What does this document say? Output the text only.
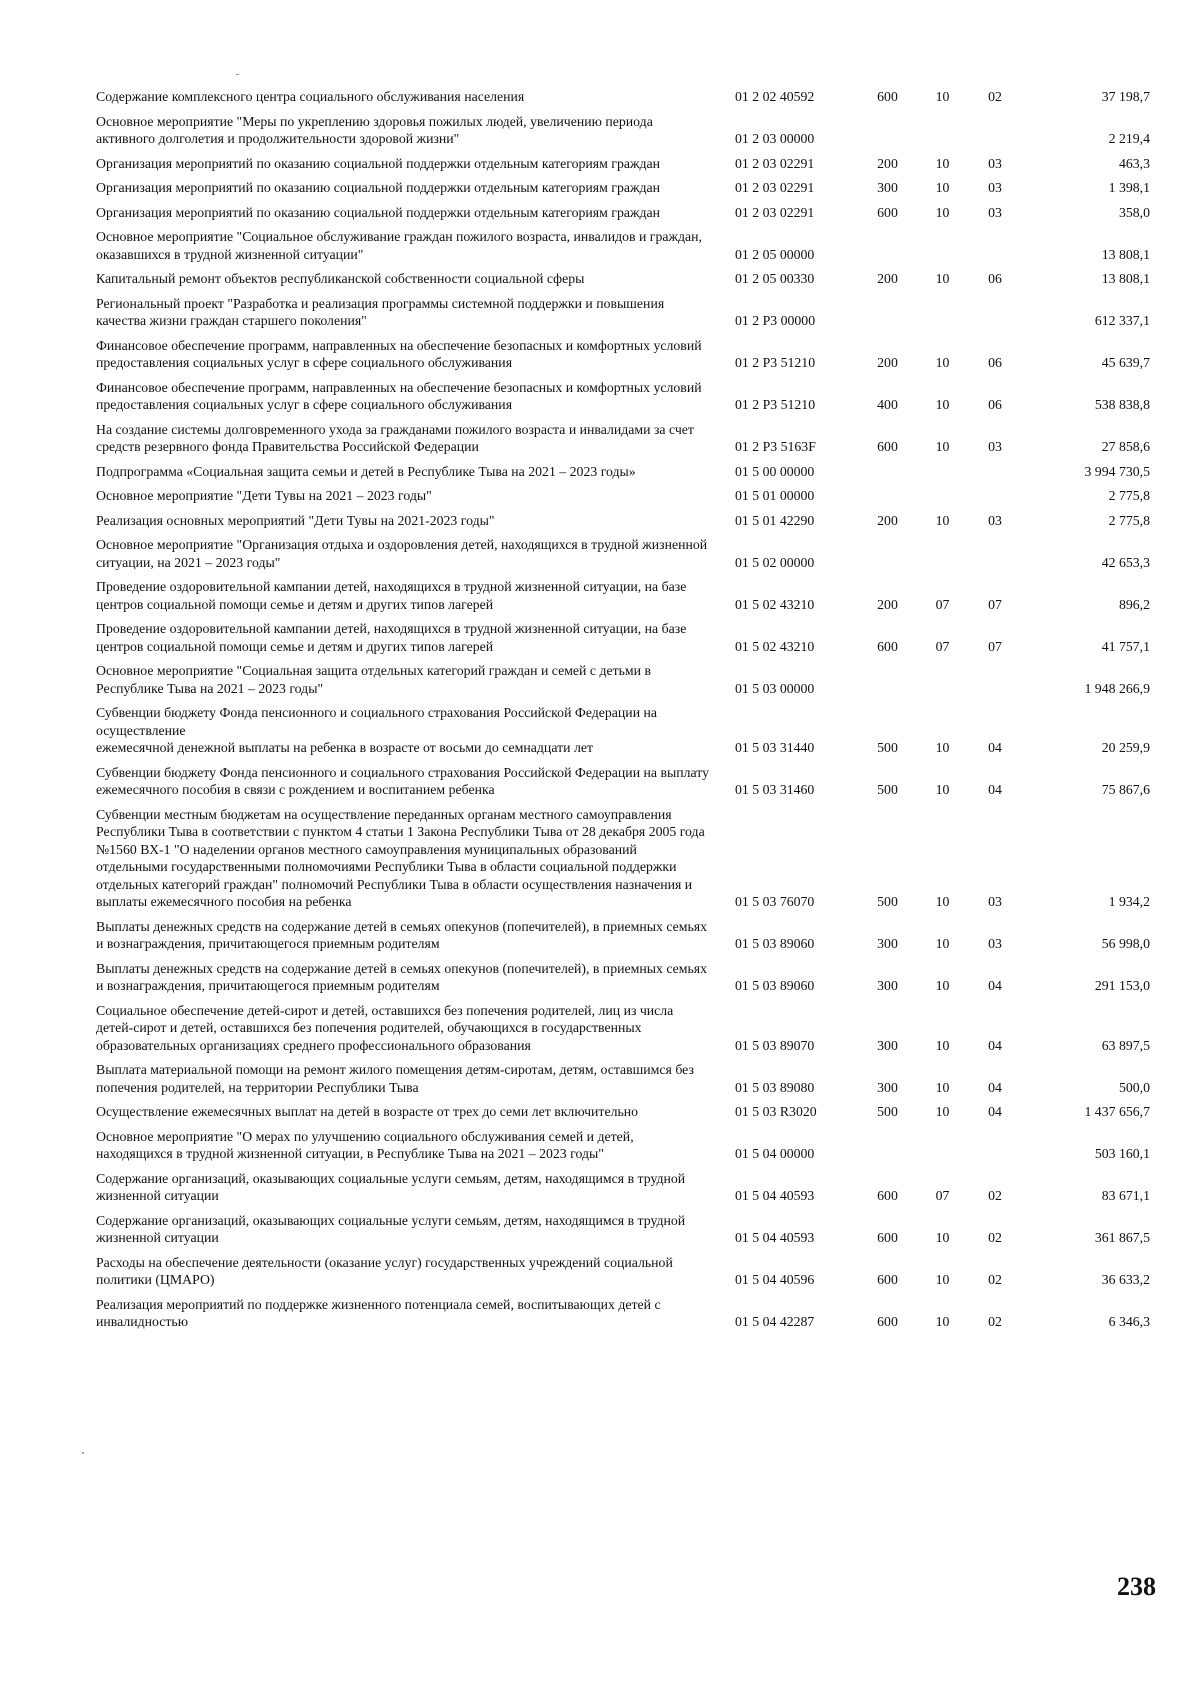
Содержание комплексного центра социального обслуживания населения	01 2 02 40592	600	10	02	37 198,7
Основное мероприятие "Меры по укреплению здоровья пожилых людей, увеличению периода активного долголетия и продолжительности здоровой жизни"	01 2 03 00000				2 219,4
Организация мероприятий по оказанию социальной поддержки отдельным категориям граждан	01 2 03 02291	200	10	03	463,3
Организация мероприятий по оказанию социальной поддержки отдельным категориям граждан	01 2 03 02291	300	10	03	1 398,1
Организация мероприятий по оказанию социальной поддержки отдельным категориям граждан	01 2 03 02291	600	10	03	358,0
Основное мероприятие "Социальное обслуживание граждан пожилого возраста, инвалидов и граждан, оказавшихся в трудной жизненной ситуации"	01 2 05 00000				13 808,1
Капитальный ремонт объектов республиканской собственности социальной сферы	01 2 05 00330	200	10	06	13 808,1
Региональный проект "Разработка и реализация программы системной поддержки и повышения качества жизни граждан старшего поколения"	01 2 P3 00000				612 337,1
Финансовое обеспечение программ, направленных на обеспечение безопасных и комфортных условий предоставления социальных услуг в сфере социального обслуживания	01 2 P3 51210	200	10	06	45 639,7
Финансовое обеспечение программ, направленных на обеспечение безопасных и комфортных условий предоставления социальных услуг в сфере социального обслуживания	01 2 P3 51210	400	10	06	538 838,8
На создание системы долговременного ухода за гражданами пожилого возраста и инвалидами за счет средств резервного фонда Правительства Российской Федерации	01 2 P3 5163F	600	10	03	27 858,6
Подпрограмма «Социальная защита семьи и детей в Республике Тыва на 2021 – 2023 годы»	01 5 00 00000				3 994 730,5
Основное мероприятие "Дети Тувы на 2021 – 2023 годы"	01 5 01 00000				2 775,8
Реализация основных мероприятий "Дети Тувы на 2021-2023 годы"	01 5 01 42290	200	10	03	2 775,8
Основное мероприятие "Организация отдыха и оздоровления детей, находящихся в трудной жизненной ситуации, на 2021 – 2023 годы"	01 5 02 00000				42 653,3
Проведение оздоровительной кампании детей, находящихся в трудной жизненной ситуации, на базе центров социальной помощи семье и детям и других типов лагерей	01 5 02 43210	200	07	07	896,2
Проведение оздоровительной кампании детей, находящихся в трудной жизненной ситуации, на базе центров социальной помощи семье и детям и других типов лагерей	01 5 02 43210	600	07	07	41 757,1
Основное мероприятие "Социальная защита отдельных категорий граждан и семей с детьми в Республике Тыва на 2021 – 2023 годы"	01 5 03 00000				1 948 266,9
Субвенции бюджету Фонда пенсионного и социального страхования Российской Федерации на осуществление
ежемесячной денежной выплаты на ребенка в возрасте от восьми до семнадцати лет	01 5 03 31440	500	10	04	20 259,9
Субвенции бюджету Фонда пенсионного и социального страхования Российской Федерации на выплату ежемесячного пособия в связи с рождением и воспитанием ребенка	01 5 03 31460	500	10	04	75 867,6
Субвенции местным бюджетам на осуществление переданных органам местного самоуправления Республики Тыва в соответствии с пунктом 4 статьи 1 Закона Республики Тыва от 28 декабря 2005 года №1560 ВХ-1 "О наделении органов местного самоуправления муниципальных образований отдельными государственными полномочиями Республики Тыва в области социальной поддержки отдельных категорий граждан" полномочий Республики Тыва в области осуществления назначения и выплаты ежемесячного пособия на ребенка	01 5 03 76070	500	10	03	1 934,2
Выплаты денежных средств на содержание детей в семьях опекунов (попечителей), в приемных семьях и вознаграждения, причитающегося приемным родителям	01 5 03 89060	300	10	03	56 998,0
Выплаты денежных средств на содержание детей в семьях опекунов (попечителей), в приемных семьях и вознаграждения, причитающегося приемным родителям	01 5 03 89060	300	10	04	291 153,0
Социальное обеспечение детей-сирот и детей, оставшихся без попечения родителей, лиц из числа детей-сирот и детей, оставшихся без попечения родителей, обучающихся в государственных образовательных организациях среднего профессионального образования	01 5 03 89070	300	10	04	63 897,5
Выплата материальной помощи на ремонт жилого помещения детям-сиротам, детям, оставшимся без попечения родителей, на территории Республики Тыва	01 5 03 89080	300	10	04	500,0
Осуществление ежемесячных выплат на детей в возрасте от трех до семи лет включительно	01 5 03 R3020	500	10	04	1 437 656,7
Основное мероприятие "О мерах по улучшению социального обслуживания семей и детей, находящихся в трудной жизненной ситуации, в Республике Тыва на 2021 – 2023 годы"	01 5 04 00000				503 160,1
Содержание организаций, оказывающих социальные услуги семьям, детям, находящимся в трудной жизненной ситуации	01 5 04 40593	600	07	02	83 671,1
Содержание организаций, оказывающих социальные услуги семьям, детям, находящимся в трудной жизненной ситуации	01 5 04 40593	600	10	02	361 867,5
Расходы на обеспечение деятельности (оказание услуг) государственных учреждений социальной политики (ЦМАРО)	01 5 04 40596	600	10	02	36 633,2
Реализация мероприятий по поддержке жизненного потенциала семей, воспитывающих детей с инвалидностью	01 5 04 42287	600	10	02	6 346,3
238
